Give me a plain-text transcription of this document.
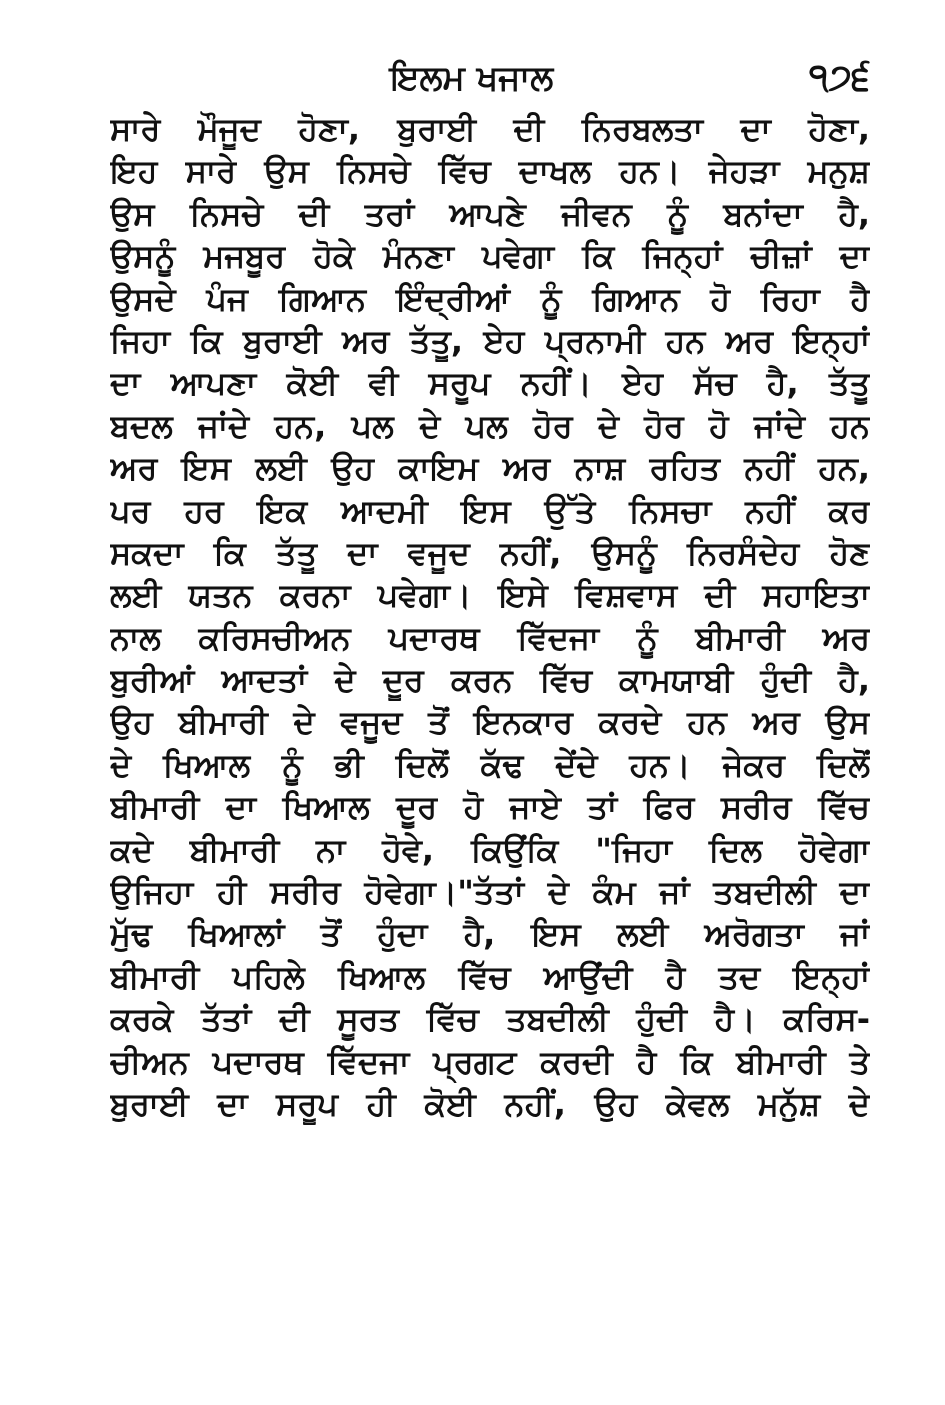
ਇਲਮ ਖਜਾਲ	੧੭੬
ਸਾਰੇ ਮੌਜੂਦ ਹੋਣਾ, ਬੁਰਾਈ ਦੀ ਨਿਰਬਲਤਾ ਦਾ ਹੋਣਾ,
ਇਹ ਸਾਰੇ ਉਸ ਨਿਸਚੇ ਵਿੱਚ ਦਾਖਲ ਹਨ। ਜੇਹੜਾ ਮਨੁਸ਼
ਉਸ ਨਿਸਚੇ ਦੀ ਤਰਾਂ ਆਪਣੇ ਜੀਵਨ ਨੂੰ ਬਨਾਂਦਾ ਹੈ,
ਉਸਨੂੰ ਮਜਬੂਰ ਹੋਕੇ ਮੰਨਣਾ ਪਵੇਗਾ ਕਿ ਜਿਨ੍ਹਾਂ ਚੀਜ਼ਾਂ ਦਾ
ਉਸਦੇ ਪੰਜ ਗਿਆਨ ਇੰਦ੍ਰੀਆਂ ਨੂੰ ਗਿਆਨ ਹੋ ਰਿਹਾ ਹੈ
ਜਿਹਾ ਕਿ ਬੁਰਾਈ ਅਰ ਤੱਤੂ, ਏਹ ਪ੍ਰਨਾਮੀ ਹਨ ਅਰ ਇਨ੍ਹਾਂ
ਦਾ ਆਪਣਾ ਕੋਈ ਵੀ ਸਰੂਪ ਨਹੀਂ। ਏਹ ਸੱਚ ਹੈ, ਤੱਤੂ
ਬਦਲ ਜਾਂਦੇ ਹਨ, ਪਲ ਦੇ ਪਲ ਹੋਰ ਦੇ ਹੋਰ ਹੋ ਜਾਂਦੇ ਹਨ
ਅਰ ਇਸ ਲਈ ਉਹ ਕਾਇਮ ਅਰ ਨਾਸ਼ ਰਹਿਤ ਨਹੀਂ ਹਨ,
ਪਰ ਹਰ ਇਕ ਆਦਮੀ ਇਸ ਉੱਤੇ ਨਿਸਚਾ ਨਹੀਂ ਕਰ
ਸਕਦਾ ਕਿ ਤੱਤੂ ਦਾ ਵਜੂਦ ਨਹੀਂ, ਉਸਨੂੰ ਨਿਰਸੰਦੇਹ ਹੋਣ
ਲਈ ਯਤਨ ਕਰਨਾ ਪਵੇਗਾ। ਇਸੇ ਵਿਸ਼ਵਾਸ ਦੀ ਸਹਾਇਤਾ
ਨਾਲ ਕਰਿਸਚੀਅਨ ਪਦਾਰਥ ਵਿੱਦਜਾ ਨੂੰ ਬੀਮਾਰੀ ਅਰ
ਬੁਰੀਆਂ ਆਦਤਾਂ ਦੇ ਦੂਰ ਕਰਨ ਵਿੱਚ ਕਾਮਯਾਬੀ ਹੁੰਦੀ ਹੈ,
ਉਹ ਬੀਮਾਰੀ ਦੇ ਵਜੂਦ ਤੋਂ ਇਨਕਾਰ ਕਰਦੇ ਹਨ ਅਰ ਉਸ
ਦੇ ਖਿਆਲ ਨੂੰ ਭੀ ਦਿਲੋਂ ਕੱਢ ਦੇਂਦੇ ਹਨ। ਜੇਕਰ ਦਿਲੋਂ
ਬੀਮਾਰੀ ਦਾ ਖਿਆਲ ਦੂਰ ਹੋ ਜਾਏ ਤਾਂ ਫਿਰ ਸਰੀਰ ਵਿੱਚ
ਕਦੇ ਬੀਮਾਰੀ ਨਾ ਹੋਵੇ, ਕਿਉਂਕਿ "ਜਿਹਾ ਦਿਲ ਹੋਵੇਗਾ
ਉਜਿਹਾ ਹੀ ਸਰੀਰ ਹੋਵੇਗਾ।"ਤੱਤਾਂ ਦੇ ਕੰਮ ਜਾਂ ਤਬਦੀਲੀ ਦਾ
ਮੁੱਢ ਖਿਆਲਾਂ ਤੋਂ ਹੁੰਦਾ ਹੈ, ਇਸ ਲਈ ਅਰੋਗਤਾ ਜਾਂ
ਬੀਮਾਰੀ ਪਹਿਲੇ ਖਿਆਲ ਵਿੱਚ ਆਉਂਦੀ ਹੈ ਤਦ ਇਨ੍ਹਾਂ
ਕਰਕੇ ਤੱਤਾਂ ਦੀ ਸੂਰਤ ਵਿੱਚ ਤਬਦੀਲੀ ਹੁੰਦੀ ਹੈ। ਕਰਿਸ-
ਚੀਅਨ ਪਦਾਰਥ ਵਿੱਦਜਾ ਪ੍ਰਗਟ ਕਰਦੀ ਹੈ ਕਿ ਬੀਮਾਰੀ ਤੇ
ਬੁਰਾਈ ਦਾ ਸਰੂਪ ਹੀ ਕੋਈ ਨਹੀਂ, ਉਹ ਕੇਵਲ ਮਨੁੱਸ਼ ਦੇ
